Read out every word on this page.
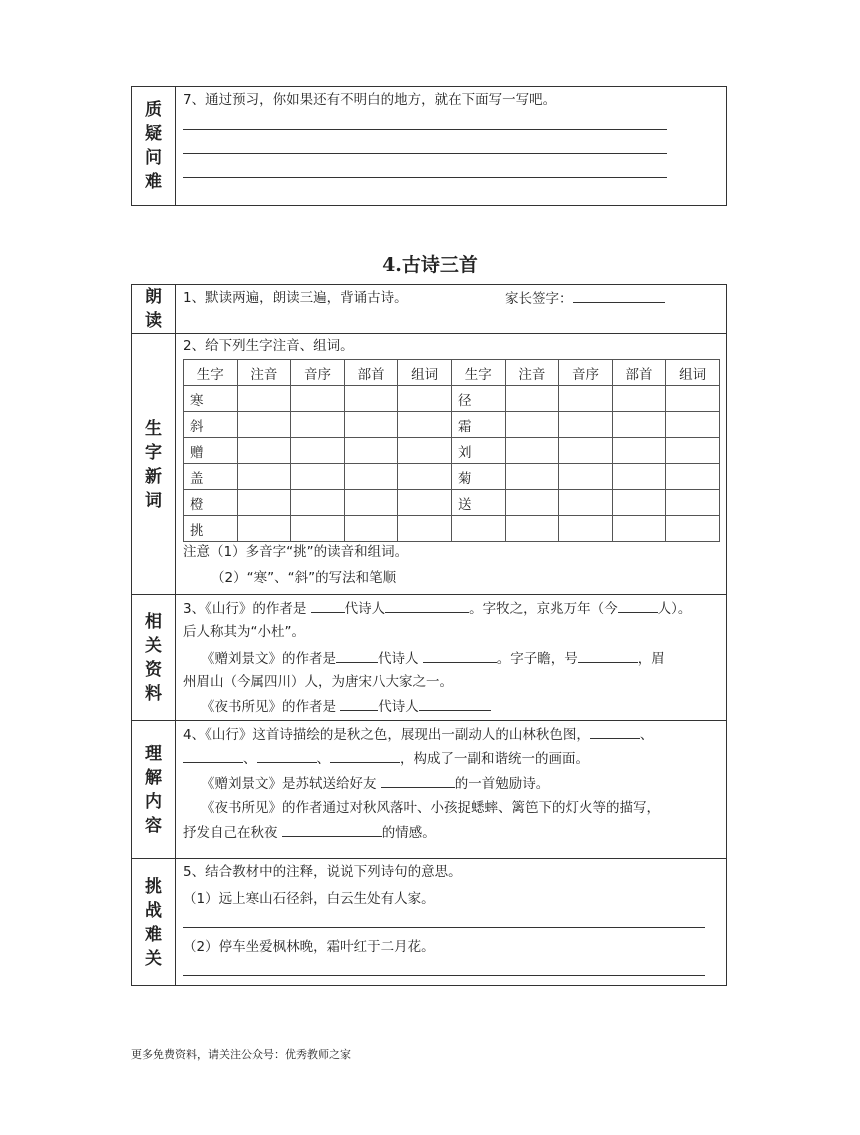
质
疑
问
难
7、通过预习，你如果还有不明白的地方，就在下面写一写吧。
4.古诗三首
朗
读
1、默读两遍，朗读三遍，背诵古诗。	家长签字：
生
字
新
词
2、给下列生字注音、组词。
生字	注音	音序	部首	组词	生字	注音	音序	部首	组词
寒					径				
斜					霜				
赠					刘				
盖					菊				
橙					送				
挑									
注意（1）多音字“挑”的读音和组词。
（2）“寒”、“斜”的写法和笔顺
相
关
资
料
3、《山行》的作者是	代诗人	。字牧之，京兆万年（今	人）。
后人称其为“小杜”。
《赠刘景文》的作者是	代诗人	。字子瞻，号	，眉
州眉山（今属四川）人，为唐宋八大家之一。
《夜书所见》的作者是	代诗人
理
解
内
容
4、《山行》这首诗描绘的是秋之色，展现出一副动人的山林秋色图，	、
、	、	，构成了一副和谐统一的画面。
《赠刘景文》是苏轼送给好友	的一首勉励诗。
《夜书所见》的作者通过对秋风落叶、小孩捉蟋蟀、篱笆下的灯火等的描写，
抒发自己在秋夜	的情感。
挑
战
难
关
5、结合教材中的注释，说说下列诗句的意思。
（1）远上寒山石径斜，白云生处有人家。
（2）停车坐爱枫林晚，霜叶红于二月花。
更多免费资料，请关注公众号：优秀教师之家
